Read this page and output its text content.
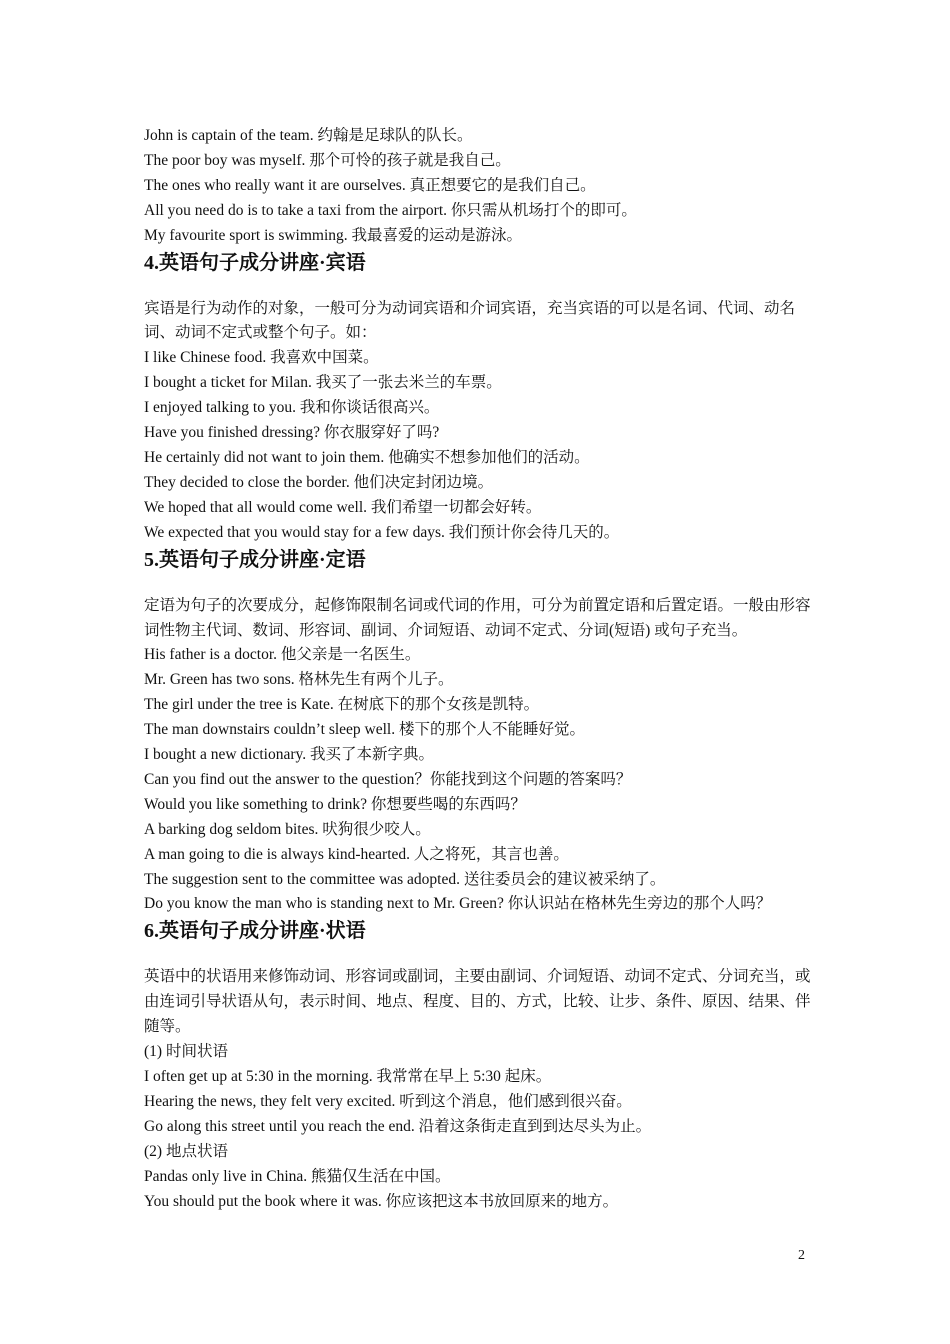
John is captain of the team. 约翰是足球队的队长。
The poor boy was myself. 那个可怜的孩子就是我自己。
The ones who really want it are ourselves. 真正想要它的是我们自己。
All you need do is to take a taxi from the airport. 你只需从机场打个的即可。
My favourite sport is swimming. 我最喜爱的运动是游泳。
4.英语句子成分讲座·宾语
宾语是行为动作的对象，一般可分为动词宾语和介词宾语，充当宾语的可以是名词、代词、动名词、动词不定式或整个句子。如：
I like Chinese food. 我喜欢中国菜。
I bought a ticket for Milan. 我买了一张去米兰的车票。
I enjoyed talking to you. 我和你谈话很高兴。
Have you finished dressing? 你衣服穿好了吗?
He certainly did not want to join them. 他确实不想参加他们的活动。
They decided to close the border. 他们决定封闭边境。
We hoped that all would come well. 我们希望一切都会好转。
We expected that you would stay for a few days. 我们预计你会待几天的。
5.英语句子成分讲座·定语
定语为句子的次要成分，起修饰限制名词或代词的作用，可分为前置定语和后置定语。一般由形容词性物主代词、数词、形容词、副词、介词短语、动词不定式、分词(短语) 或句子充当。
His father is a doctor. 他父亲是一名医生。
Mr. Green has two sons. 格林先生有两个儿子。
The girl under the tree is Kate. 在树底下的那个女孩是凯特。
The man downstairs couldn’t sleep well. 楼下的那个人不能睡好觉。
I bought a new dictionary. 我买了本新字典。
Can you find out the answer to the question？你能找到这个问题的答案吗？
Would you like something to drink? 你想要些喝的东西吗？
A barking dog seldom bites. 吠狗很少咬人。
A man going to die is always kind-hearted. 人之将死，其言也善。
The suggestion sent to the committee was adopted. 送往委员会的建议被采纳了。
Do you know the man who is standing next to Mr. Green? 你认识站在格林先生旁边的那个人吗？
6.英语句子成分讲座·状语
英语中的状语用来修饰动词、形容词或副词，主要由副词、介词短语、动词不定式、分词充当，或由连词引导状语从句，表示时间、地点、程度、目的、方式，比较、让步、条件、原因、结果、伴随等。
(1) 时间状语
I often get up at 5:30 in the morning. 我常常在早上 5:30 起床。
Hearing the news, they felt very excited. 听到这个消息，他们感到很兴奋。
Go along this street until you reach the end. 沿着这条街走直到到达尽头为止。
(2) 地点状语
Pandas only live in China. 熊猫仅生活在中国。
You should put the book where it was. 你应该把这本书放回原来的地方。
2
